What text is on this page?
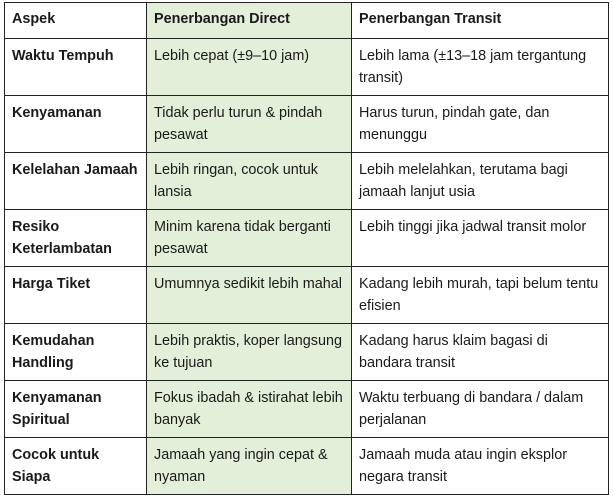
Aspek	Penerbangan Direct	Penerbangan Transit
Waktu Tempuh	Lebih cepat (±9–10 jam)	Lebih lama (±13–18 jam tergantung transit)
Kenyamanan	Tidak perlu turun & pindah pesawat	Harus turun, pindah gate, dan menunggu
Kelelahan Jamaah	Lebih ringan, cocok untuk lansia	Lebih melelahkan, terutama bagi jamaah lanjut usia
Resiko Keterlambatan	Minim karena tidak berganti pesawat	Lebih tinggi jika jadwal transit molor
Harga Tiket	Umumnya sedikit lebih mahal	Kadang lebih murah, tapi belum tentu efisien
Kemudahan Handling	Lebih praktis, koper langsung ke tujuan	Kadang harus klaim bagasi di bandara transit
Kenyamanan Spiritual	Fokus ibadah & istirahat lebih banyak	Waktu terbuang di bandara / dalam perjalanan
Cocok untuk Siapa	Jamaah yang ingin cepat & nyaman	Jamaah muda atau ingin eksplor negara transit
